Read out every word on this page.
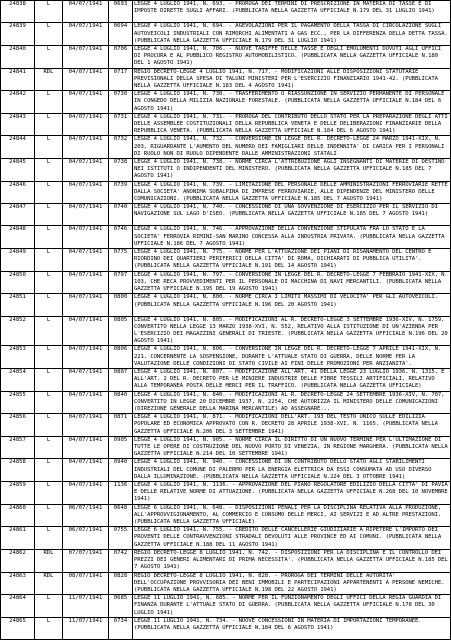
24838	L	04/07/1941	0693	LEGGE 4 LUGLIO 1941, N. 693. - PROROGA DEI TERMINI DI PRESCRIZIONE IN MATERIA DI TASSE E DI IMPOSTE DIRETTE SUGLI AFFARI. (PUBBLICATA NELLA GAZZETTA UFFICIALE N.179 DEL 31 LUGLIO 1941)
24839	L	04/07/1941	0694	LEGGE 4 LUGLIO 1941, N. 694. - AGEVOLAZIONI PER IL PAGAMENTO DELLA TASSA DI CIRCOLAZIONE SUGLI AUTOVEICOLI INDUSTRIALI CON RIMORCHI ALIMENTATI A GAS ECC., PER LA DIFFERENZA DELLA DETTA TASSA. (PUBBLICATA NELLA GAZZETTA UFFICIALE N.179 DEL 31 LUGLIO 1941)
24840	L	04/07/1941	0706	LEGGE 4 LUGLIO 1941, N. 706. - NUOVE TARIFFE DELLE TASSE E DEGLI EMOLUMENTI DOVUTI AGLI UFFICI DI PROCURA E AL PUBBLICO REGISTRO AUTOMOBILISTICO. (PUBBLICATA NELLA GAZZETTA UFFICIALE N.180 DEL 1 AGOSTO 1941)
24841	RDL	04/07/1941	0717	REGIO DECRETO-LEGGE 4 LUGLIO 1941, N. 717. - MODIFICAZIONI ALLE DISPOSIZIONI STATUTARIE PREVISIONALI DELLA SPESA DI TALUNI MINISTERI PER L'ESERCIZIO FINANZIARIO 1941-42. (PUBBLICATA NELLA GAZZETTA UFFICIALE N.183 DEL 4 AGOSTO 1941)
24842	L	04/07/1941	0730	LEGGE 4 LUGLIO 1941, N. 730. - TRASFERIMENTO O RIASSUNZIONE IN SERVIZIO PERMANENTE DI PERSONALE IN CONGEDO DELLA MILIZIA NAZIONALE FORESTALE. (PUBBLICATA NELLA GAZZETTA UFFICIALE N.184 DEL 6 AGOSTO 1941)
24843	L	04/07/1941	0731	LEGGE 4 LUGLIO 1941, N. 731. - PROROGA DEL CONTRIBUTO DELLO STATO PER LA PREPARAZIONE DEGLI ATTI DELLE ASSEMBLEE COSTITUZIONALI DELLA REPUBBLICA VENETA E DELLE DELIBERAZIONI FINANZIARIE DELLA REPUBBLICA VENETA. (PUBBLICATA NELLA GAZZETTA UFFICIALE N.184 DEL 6 AGOSTO 1941)
24844	L	04/07/1941	0732	LEGGE 4 LUGLIO 1941, N. 732. - CONVERSIONE IN LEGGE DEL R. DECRETO-LEGGE 24 MARZO 1941-XIX, N. 203, RIGUARDANTE L'AUMENTO DEL NUMERO DEI FAMIGLIARI DELLE INDENNITA' DI CARICA PER I PERSONALI DI RUOLO NON DI RUOLO DIPENDENTE DALLE AMMINISTRAZIONI STATALI
24845	L	04/07/1941	0738	LEGGE 4 LUGLIO 1941, N. 738. - NORME CIRCA L'ATTRIBUZIONE AGLI INSEGNANTI DI MATERIE DI DESTINO NEI ISTITUTI O INDIPENDENTI DEL MINISTERO. (PUBBLICATA NELLA GAZZETTA UFFICIALE N.185 DEL 7 AGOSTO 1941)
24846	L	04/07/1941	0739	LEGGE 4 LUGLIO 1941, N. 739. - LIMITAZIONE DEL PERSONALE DELLE AMMINISTRAZIONI FERROVIARIE RETTE DALLA SOCIETA' ANONIMA SUBALPINA DI IMPRESE FERROVIARIE, ALLE DIPENDENZE DEL MINISTERO DELLE COMUNICAZIONI. (PUBBLICATA NELLA GAZZETTA UFFICIALE N.185 DEL 7 AGOSTO 1941)
24847	L	04/07/1941	0740	LEGGE 4 LUGLIO 1941, N. 740. - CONCESSIONE DI UNA SOVVENZIONE DI ESERCIZIO PER IL SERVIZIO DI NAVIGAZIONE SUL LAGO D'ISEO. (PUBBLICATA NELLA GAZZETTA UFFICIALE N.185 DEL 7 AGOSTO 1941)
24848	L	04/07/1941	0746	LEGGE 4 LUGLIO 1941, N. 746. - APPROVAZIONE DELLA CONVENZIONE STIPULATA FRA LO STATO E LA SOCIETA' FERROVIA RIMINI-SAN MARINO CONCESSA ALLA INDUSTRIA PRIVATA. (PUBBLICATA NELLA GAZZETTA UFFICIALE N.186 DEL 7 AGOSTO 1941)
24849	L	04/07/1941	0775	LEGGE 4 LUGLIO 1941, N. 775. - NORME PER L'ATTUAZIONE DEI PIANI DI RISANAMENTO DEL CENTRO E RIORDINO DEI QUARTIERI PERIFERICI DELLA CITTA' DI ROMA, DICHIARATI DI PUBBLICA UTILITA'. (PUBBLICATA NELLA GAZZETTA UFFICIALE N.191 DEL 14 AGOSTO 1941)
24850	L	04/07/1941	0797	LEGGE 4 LUGLIO 1941, N. 797. - CONVERSIONE IN LEGGE DEL R. DECRETO-LEGGE 7 FEBBRAIO 1941-XIX, N. 103, CHE RECA PROVVEDIMENTI PER IL PERSONALE DI MACCHINA DI NAVI MERCANTILI. (PUBBLICATA NELLA GAZZETTA UFFICIALE N.195 DEL 19 AGOSTO 1941)
24851	L	04/07/1941	0800	LEGGE 4 LUGLIO 1941, N. 800. - NORME CIRCA I LIMITI MASSIMI DI VELOCITA' PER GLI AUTOVEICOLI. (PUBBLICATA NELLA GAZZETTA UFFICIALE N.196 DEL 20 AGOSTO 1941)
24852	L	04/07/1941	0805	LEGGE 4 LUGLIO 1941, N. 805. - MODIFICAZIONI AL R. DECRETO-LEGGE 3 SETTEMBRE 1936-XIV, N. 1759, CONVERTITO NELLA LEGGE 13 MARZO 1938-XVI, N. 552, RELATIVO ALLA ISTITUZIONE DI UN'AZIENDA PER L'ESERCIZIO DEI MAGAZZINI GENERALI DI TRIESTE. (PUBBLICATA NELLA GAZZETTA UFFICIALE N.196 DEL 20 AGOSTO 1941)
24853	L	04/07/1941	0806	LEGGE 4 LUGLIO 1941, N. 806. - CONVERSIONE IN LEGGE DEL R. DECRETO-LEGGE 7 APRILE 1941-XIX, N. 221, CONCERNENTE LA SOSPENSIONE, DURANTE L'ATTUALE STATO DI GUERRA, DELLE NORME PER LA VALUTAZIONE DELLE CONDIZIONI DI STATO CIVILE AI FINI DELLE PROMOZIONI PER ANZIANITA'.
24854	L	04/07/1941	0807	LEGGE 4 LUGLIO 1941, N. 807. - MODIFICAZIONE ALL'ART. 41 DELLA LEGGE 23 LUGLIO 1936, N. 1315, E ALL'ART. 2 DEL R. DECRETO PER LE MINIERE INDUSTRIE DELLE FIBRE TESSILI ARTIFICIALI, RELATIVO ALLA TEMPORANEA POSTA DELLE MERCI PER IL TRAFFICO. (PUBBLICATA NELLA GAZZETTA UFFICIALE)
24855	L	04/07/1941	0840	LEGGE 4 LUGLIO 1941, N. 840. - MODIFICAZIONI AL R. DECRETO-LEGGE 24 SETTEMBRE 1936-XIV, N. 707, CONVERTITO IN LEGGE 20 DICEMBRE 1937, N. 2254, CHE AUTORIZZA IL MINISTERO DELLE COMUNICAZIONI (DIREZIONE GENERALE DELLA MARINA MERCANTILE) AD ASSEGNARE...
24856	L	04/07/1941	0871	LEGGE 4 LUGLIO 1941, N. 871. - MODIFICAZIONI DELL'ART. 193 DEL TESTO UNICO SULLE EDILIZIA POPOLARE ED ECONOMICA APPROVATO CON R. DECRETO 28 APRILE 1938-XVI, N. 1165. (PUBBLICATA NELLA GAZZETTA UFFICIALE N.206 DEL 3 SETTEMBRE 1941)
24857	L	04/07/1941	0905	LEGGE 4 LUGLIO 1941, N. 905. - NORME CIRCA IL DIRITTO DI UN NUOVO TERMINE PER L'ULTIMAZIONE DI TUTTE LE OPERE DI COSTRUZIONE DEL NUOVO PORTO DI VENEZIA, IN REGIONE MARGHERA. (PUBBLICATA NELLA GAZZETTA UFFICIALE N.214 DEL 10 SETTEMBRE 1941)
24858	L	04/07/1941	0940	LEGGE 4 LUGLIO 1941, N. 940. - CONCESSIONE DI UN CONTRIBUTO DELLO STATO AGLI STABILIMENTI INDUSTRIALI DEL COMUNE DI PALERMO PER LA ENERGIA ELETTRICA DA ESSI CONSUMATA AD USO DIVERSO DALLA ILLUMINAZIONE. (PUBBLICATA NELLA GAZZETTA UFFICIALE N.224 DEL 3 OTTOBRE 1941)
24859	L	04/07/1941	1136	LEGGE 4 LUGLIO 1941, N. 1136. - APPROVAZIONE DEL PIANO REGOLATORE EDILIZIO DELLA CITTA' DI PAVIA E DELLE RELATIVE NORME DI ATTUAZIONE. (PUBBLICATA NELLA GAZZETTA UFFICIALE N.268 DEL 10 NOVEMBRE 1941)
24860	L	06/07/1941	0648	LEGGE 6 LUGLIO 1941, N. 648. - DISPOSIZIONI PENALI PER LA DISCIPLINA RELATIVA ALLA PRODUZIONE, ALL'APPROVVIGIONAMENTO, AL COMMERCIO E CONSUMO DELLE MERCI, AI SERVIZI E AD ALTRE PRESTAZIONI. (PUBBLICATA NELLA GAZZETTA UFFICIALE)
24861	L	06/07/1941	0755	LEGGE 6 LUGLIO 1941, N. 755. - CREDITO DELLE CANCELLERIE GIUDIZIARIE A RIPETERE L'IMPORTO DEI PROVENTI DELLE CONTRAVVENZIONI STRADALI DEVOLUTI ALLE PROVINCE ED AI COMUNI. (PUBBLICATA NELLA GAZZETTA UFFICIALE N.188 DEL 11 AGOSTO 1941)
24862	RDL	07/07/1941	0742	REGIO DECRETO-LEGGE 8 LUGLIO 1941, N. 742. - DISPOSIZIONI PER LA DISCIPLINA E IL CONTROLLO DEI PREZZI DEI GENERI ALIMENTARI DI PRIMA NECESSITA'. (PUBBLICATA NELLA GAZZETTA UFFICIALE N.185 DEL 7 AGOSTO 1941)
24863	RDL	08/07/1941	0828	REGIO DECRETO-LEGGE 8 LUGLIO 1941, N. 828. - PROROGA DEI TERMINI DELLE AUTORITA' DELL'OCCUPAZIONE PROVVISORIA DEI BENI IMMOBILI E PARTECIPAZIONI APPARTENENTI A PERSONE NEMICHE. (PUBBLICATA NELLA GAZZETTA UFFICIALE N.198 DEL 22 AGOSTO 1941)
24864	L	11/07/1941	0685	LEGGE 11 LUGLIO 1941, N. 685. - NORME PER IL FUNZIONAMENTO DEGLI UFFICI DELLA REGIA GUARDIA DI FINANZA DURANTE L'ATTUALE STATO DI GUERRA. (PUBBLICATA NELLA GAZZETTA UFFICIALE N.178 DEL 30 LUGLIO 1941)
24865	L	11/07/1941	0734	LEGGE 11 LUGLIO 1941, N. 734. - NUOVE CONCESSIONI IN MATERIA DI IMPORTAZIONI TEMPORANEE. (PUBBLICATA NELLA GAZZETTA UFFICIALE N.184 DEL 6 AGOSTO 1941)
